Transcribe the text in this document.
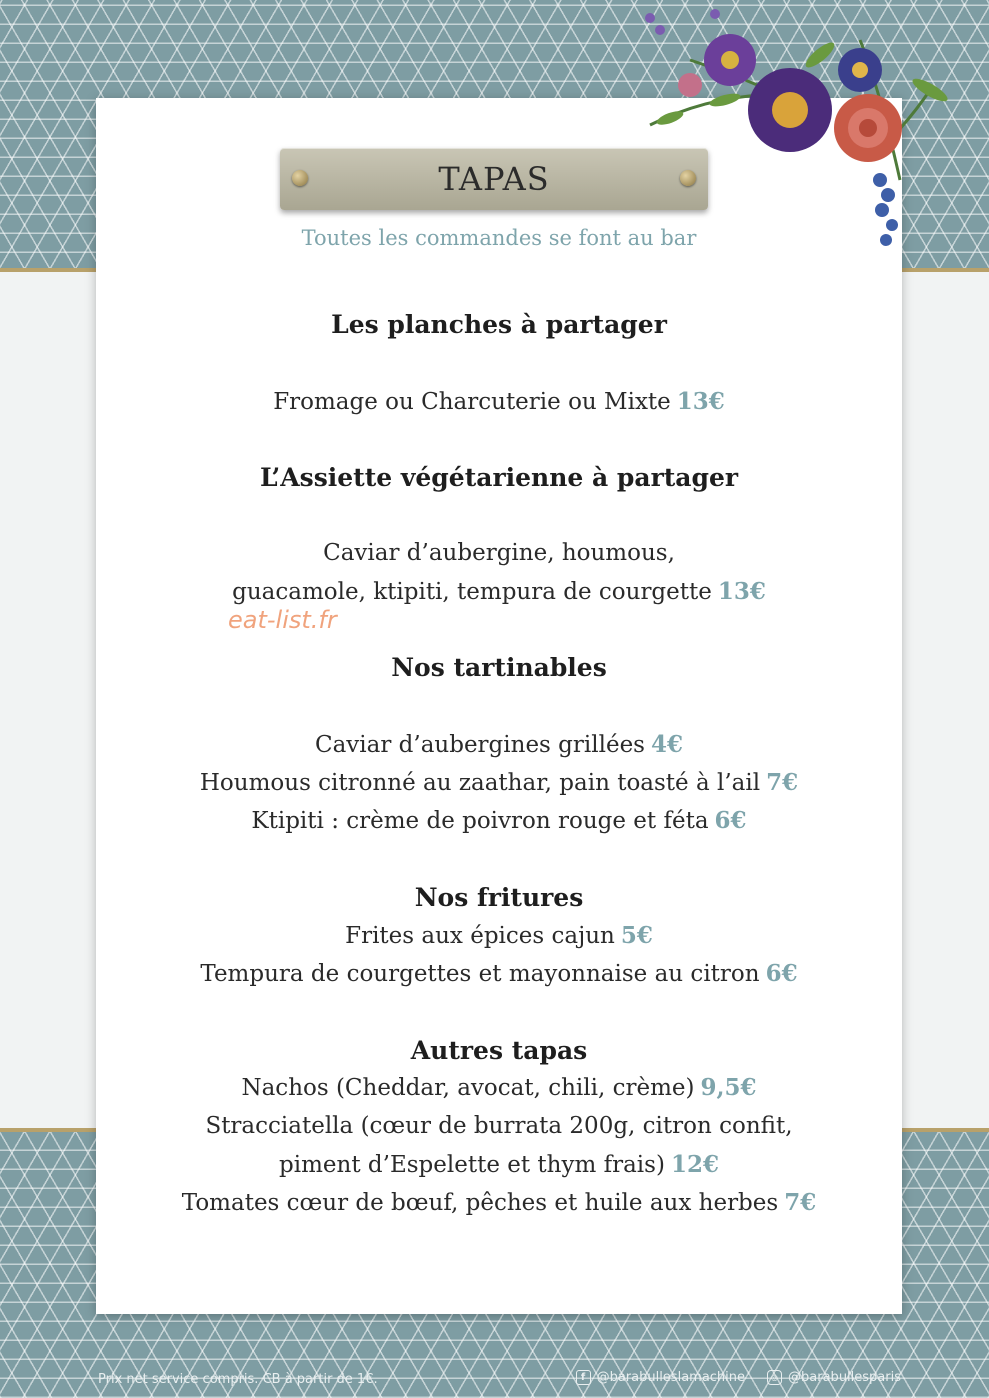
TAPAS
Toutes les commandes se font au bar
Les planches à partager
Fromage ou Charcuterie ou Mixte 13€
L’Assiette végétarienne à partager
Caviar d’aubergine, houmous,
guacamole, ktipiti, tempura de courgette 13€
eat-list.fr
Nos tartinables
Caviar d’aubergines grillées 4€
Houmous citronné au zaathar, pain toasté à l’ail 7€
Ktipiti : crème de poivron rouge et féta 6€
Nos fritures
Frites aux épices cajun 5€
Tempura de courgettes et mayonnaise au citron 6€
Autres tapas
Nachos (Cheddar, avocat, chili, crème) 9,5€
Stracciatella (cœur de burrata 200g, citron confit,
piment d’Espelette et thym frais) 12€
Tomates cœur de bœuf, pêches et huile aux herbes 7€
Prix net service compris. CB à partir de 1€.	f @barabulleslamachine	◎ @barabullesparis
